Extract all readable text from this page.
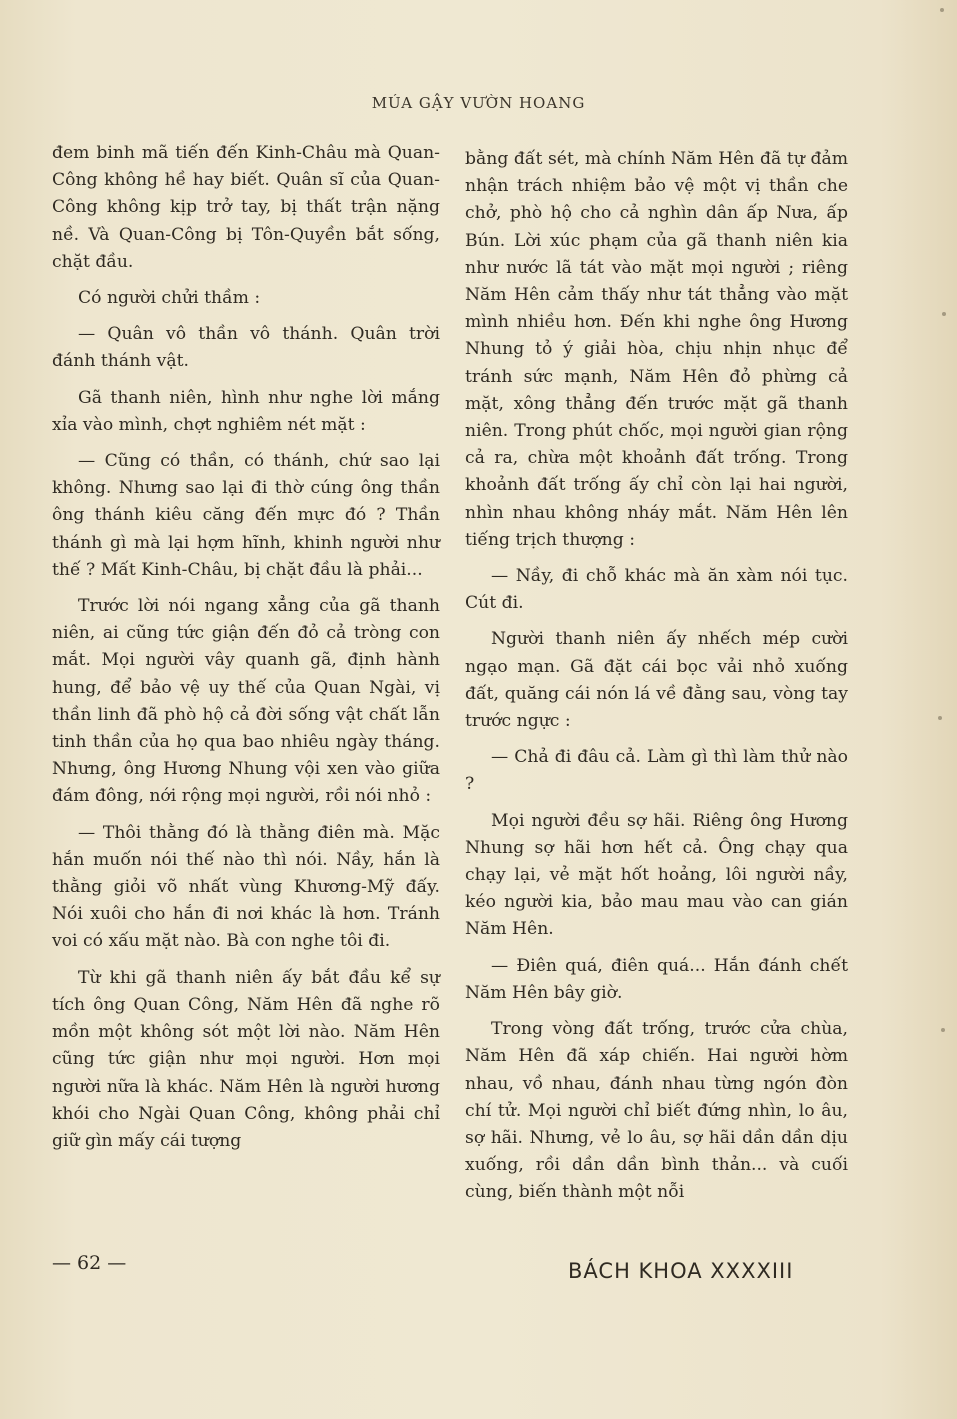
MÚA GẬY VƯỜN HOANG

đem binh mã tiến đến Kinh-Châu mà Quan-Công không hề hay biết. Quân sĩ của Quan-Công không kịp trở tay, bị thất trận nặng nề. Và Quan-Công bị Tôn-Quyền bắt sống, chặt đầu.

Có người chửi thầm :

— Quân vô thần vô thánh. Quân trời đánh thánh vật.

Gã thanh niên, hình như nghe lời mắng xỉa vào mình, chợt nghiêm nét mặt :

— Cũng có thần, có thánh, chứ sao lại không. Nhưng sao lại đi thờ cúng ông thần ông thánh kiêu căng đến mực đó ? Thần thánh gì mà lại hợm hĩnh, khinh người như thế ? Mất Kinh-Châu, bị chặt đầu là phải...

Trước lời nói ngang xẳng của gã thanh niên, ai cũng tức giận đến đỏ cả tròng con mắt. Mọi người vây quanh gã, định hành hung, để bảo vệ uy thế của Quan Ngài, vị thần linh đã phò hộ cả đời sống vật chất lẫn tinh thần của họ qua bao nhiêu ngày tháng. Nhưng, ông Hương Nhung vội xen vào giữa đám đông, nới rộng mọi người, rồi nói nhỏ :

— Thôi thằng đó là thằng điên mà. Mặc hắn muốn nói thế nào thì nói. Nầy, hắn là thằng giỏi võ nhất vùng Khương-Mỹ đấy. Nói xuôi cho hắn đi nơi khác là hơn. Tránh voi có xấu mặt nào. Bà con nghe tôi đi.

Từ khi gã thanh niên ấy bắt đầu kể sự tích ông Quan Công, Năm Hên đã nghe rõ mồn một không sót một lời nào. Năm Hên cũng tức giận như mọi người. Hơn mọi người nữa là khác. Năm Hên là người hương khói cho Ngài Quan Công, không phải chỉ giữ gìn mấy cái tượng

bằng đất sét, mà chính Năm Hên đã tự đảm nhận trách nhiệm bảo vệ một vị thần che chở, phò hộ cho cả nghìn dân ấp Nưa, ấp Bún. Lời xúc phạm của gã thanh niên kia như nước lã tát vào mặt mọi người ; riêng Năm Hên cảm thấy như tát thẳng vào mặt mình nhiều hơn. Đến khi nghe ông Hương Nhung tỏ ý giải hòa, chịu nhịn nhục để tránh sức mạnh, Năm Hên đỏ phừng cả mặt, xông thẳng đến trước mặt gã thanh niên. Trong phút chốc, mọi người gian rộng cả ra, chừa một khoảnh đất trống. Trong khoảnh đất trống ấy chỉ còn lại hai người, nhìn nhau không nháy mắt. Năm Hên lên tiếng trịch thượng :

— Nầy, đi chỗ khác mà ăn xàm nói tục. Cút đi.

Người thanh niên ấy nhếch mép cười ngạo mạn. Gã đặt cái bọc vải nhỏ xuống đất, quăng cái nón lá về đằng sau, vòng tay trước ngực :

— Chả đi đâu cả. Làm gì thì làm thử nào ?

Mọi người đều sợ hãi. Riêng ông Hương Nhung sợ hãi hơn hết cả. Ông chạy qua chạy lại, vẻ mặt hốt hoảng, lôi người nầy, kéo người kia, bảo mau mau vào can gián Năm Hên.

— Điên quá, điên quá... Hắn đánh chết Năm Hên bây giờ.

Trong vòng đất trống, trước cửa chùa, Năm Hên đã xáp chiến. Hai người hờm nhau, vồ nhau, đánh nhau từng ngón đòn chí tử. Mọi người chỉ biết đứng nhìn, lo âu, sợ hãi. Nhưng, vẻ lo âu, sợ hãi dần dần dịu xuống, rồi dần dần bình thản... và cuối cùng, biến thành một nỗi

— 62 —	BÁCH KHOA XXXXIII
